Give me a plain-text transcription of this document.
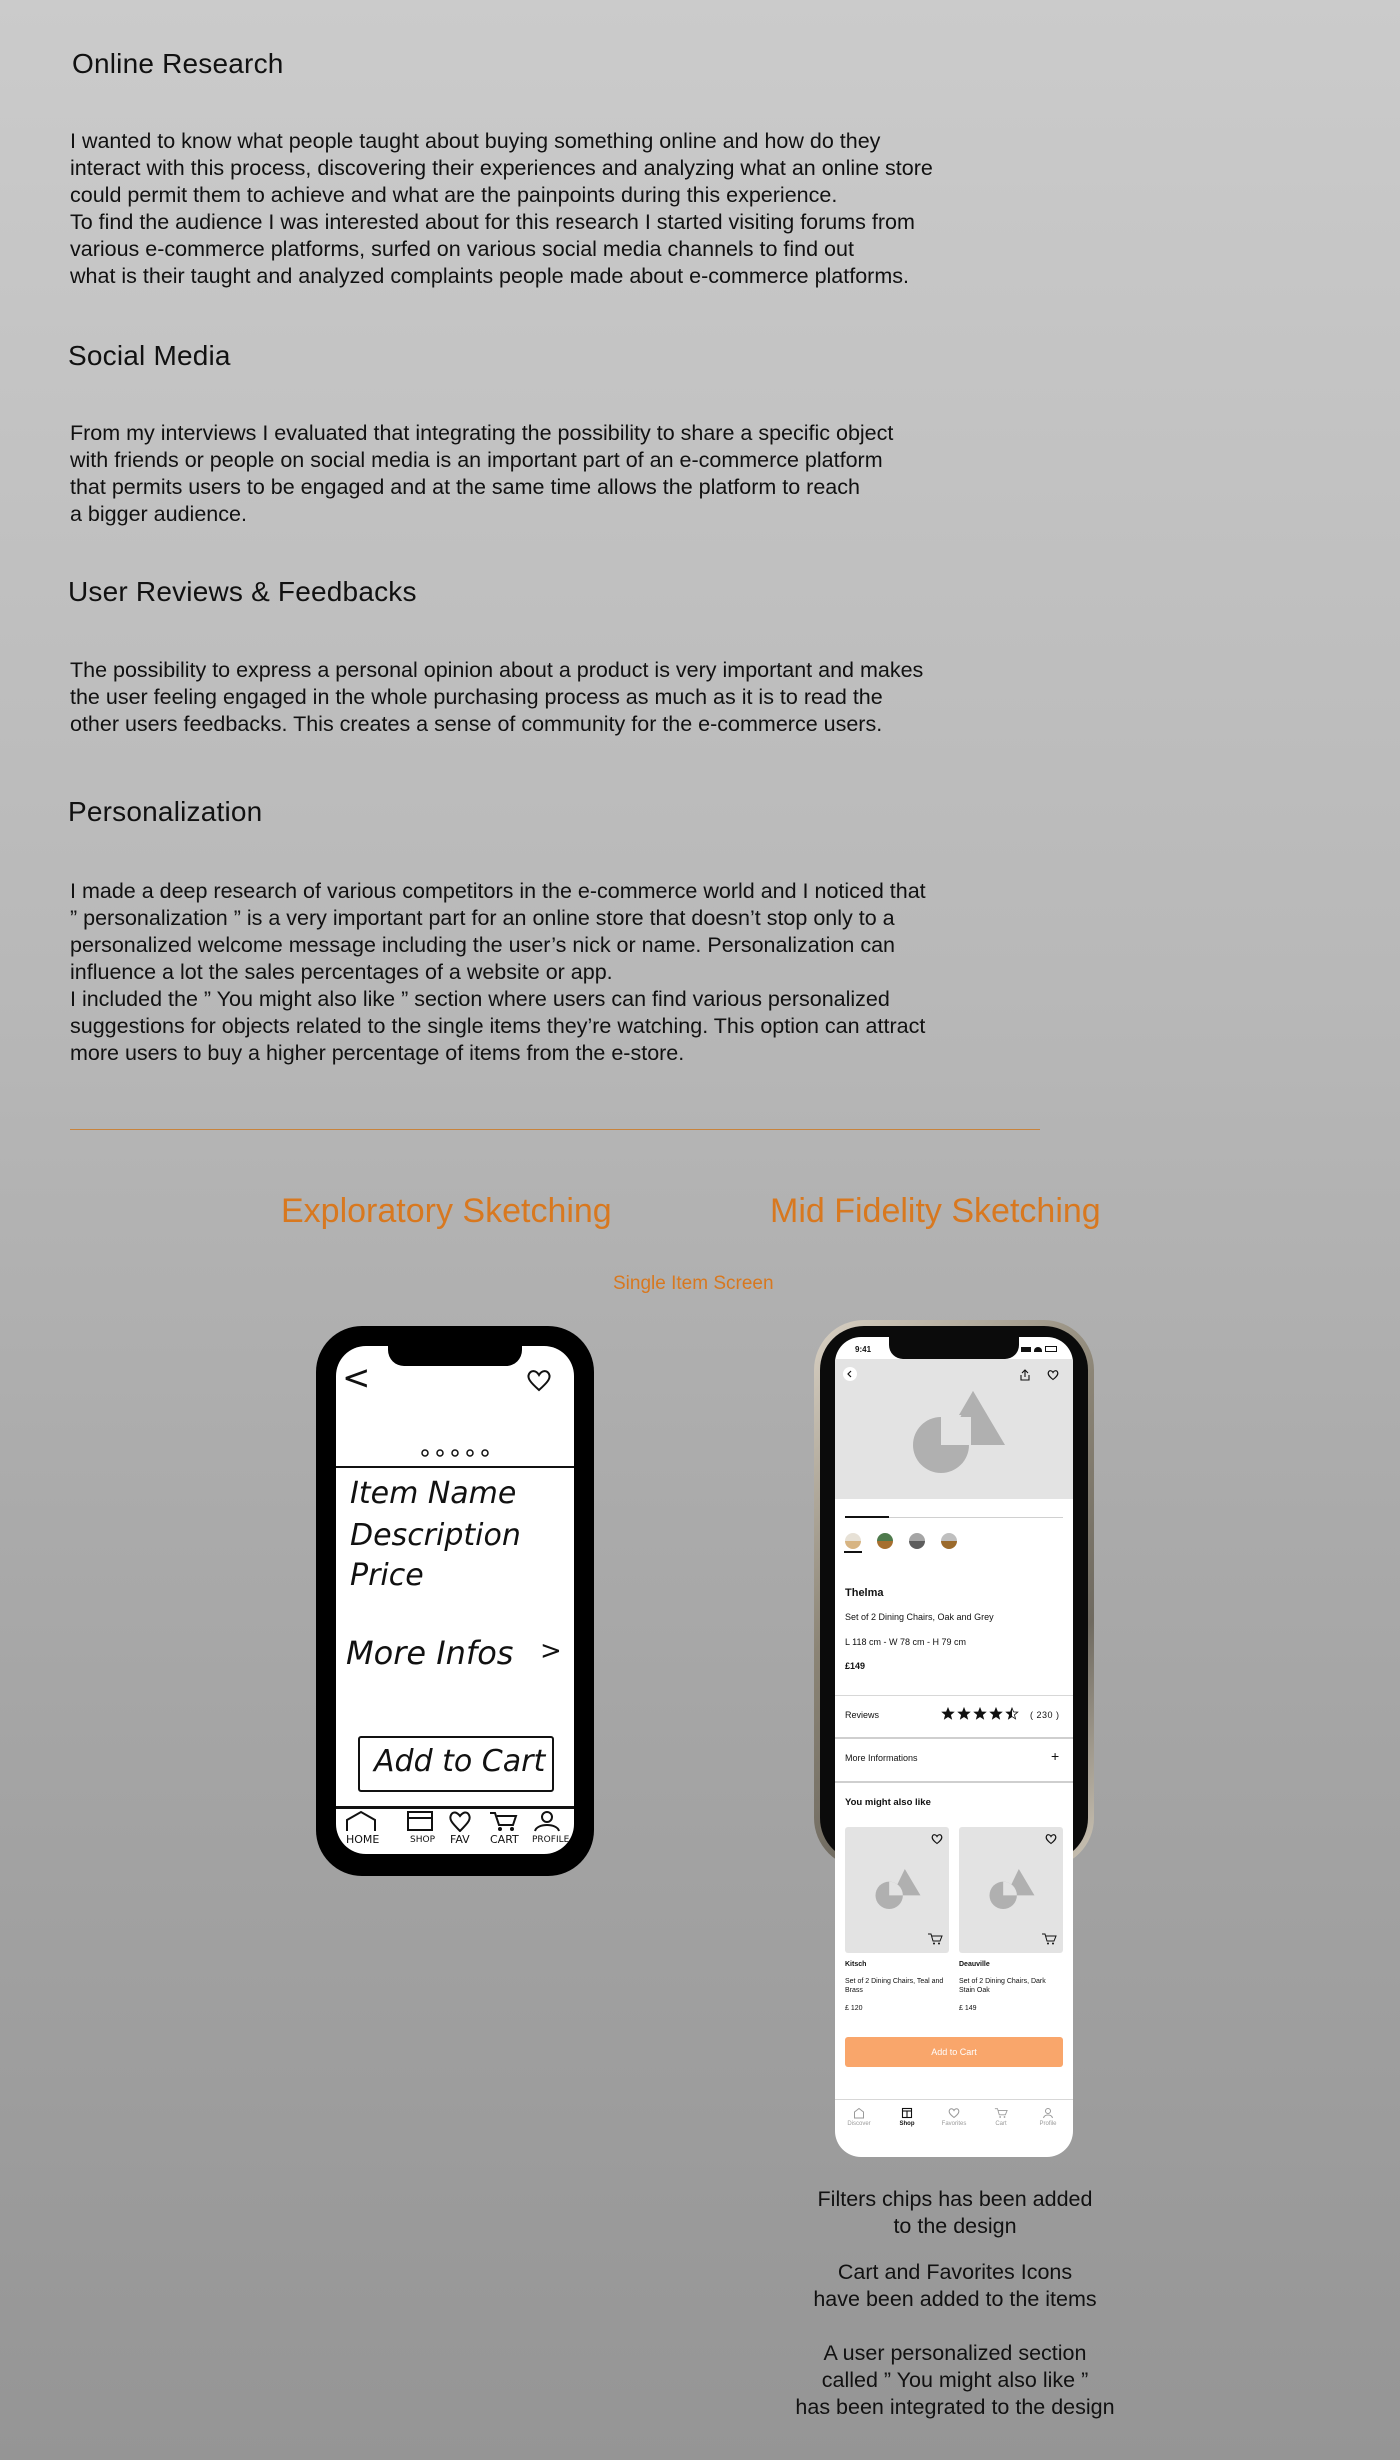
Online Research

I wanted to know what people taught about buying something online and how do they
interact with this process, discovering their experiences and analyzing what an online store
could permit them to achieve and what are the painpoints during this experience.
To find the audience I was interested about for this research I started visiting forums from
various e-commerce platforms, surfed on various social media channels to find out
what is their taught and analyzed complaints people made about e-commerce platforms.

Social Media

From my interviews I evaluated that integrating the possibility to share a specific object
with friends or people on social media is an important part of an e-commerce platform
that permits users to be engaged and at the same time allows the platform to reach
a bigger audience.

User Reviews & Feedbacks

The possibility to express a personal opinion about a product is very important and makes
the user feeling engaged in the whole purchasing process as much as it is to read the
other users feedbacks. This creates a sense of community for the e-commerce users.

Personalization

I made a deep research of various competitors in the e-commerce world and I noticed that
” personalization ” is a very important part for an online store that doesn’t stop only to a
personalized welcome message including the user’s nick or name. Personalization can
influence a lot the sales percentages of a website or app.
I included the ” You might also like ” section where users can find various personalized
suggestions for objects related to the single items they’re watching. This option can attract
more users to buy a higher percentage of items from the e-store.

Exploratory Sketching	Mid Fidelity Sketching
Single Item Screen
<
Item Name
Description
Price
More Infos >
Add to Cart
HOME	SHOP FAV CART PROFILE
9:41
Thelma
Set of 2 Dining Chairs, Oak and Grey
L 118 cm - W 78 cm - H 79 cm
£149
Reviews	( 230 )
More Informations	+
You might also like
Kitsch
Set of 2 Dining Chairs, Teal and Brass
£ 120
Deauville
Set of 2 Dining Chairs, Dark Stain Oak
£ 149
Add to Cart
Discover	Shop	Favorites	Cart	Profile
Filters chips has been added
to the design
Cart and Favorites Icons
have been added to the items
A user personalized section
called ” You might also like ”
has been integrated to the design
